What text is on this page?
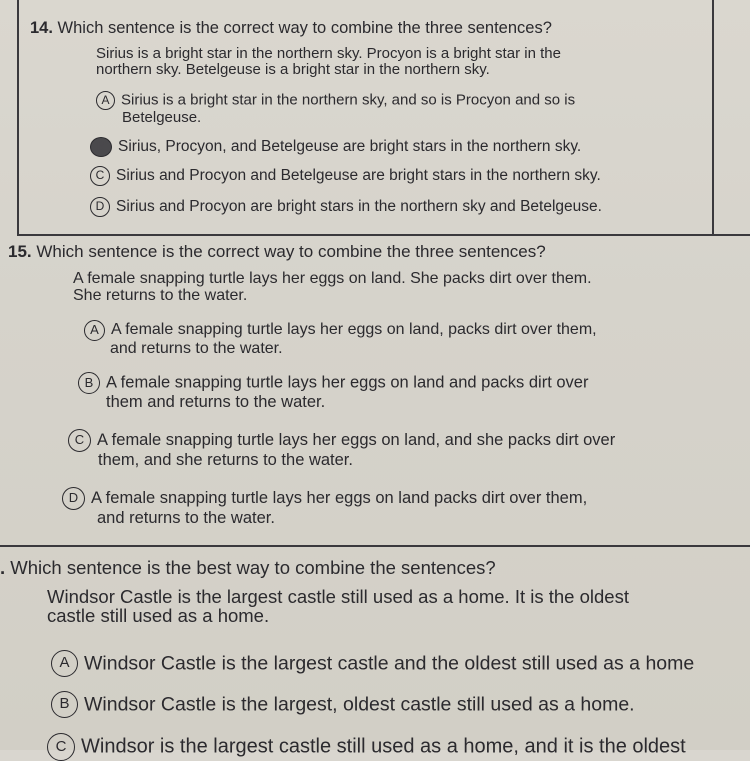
14. Which sentence is the correct way to combine the three sentences?
Sirius is a bright star in the northern sky. Procyon is a bright star in the
northern sky. Betelgeuse is a bright star in the northern sky.
A Sirius is a bright star in the northern sky, and so is Procyon and so is
Betelgeuse.
B Sirius, Procyon, and Betelgeuse are bright stars in the northern sky.
C Sirius and Procyon and Betelgeuse are bright stars in the northern sky.
D Sirius and Procyon are bright stars in the northern sky and Betelgeuse.
15. Which sentence is the correct way to combine the three sentences?
A female snapping turtle lays her eggs on land. She packs dirt over them.
She returns to the water.
A A female snapping turtle lays her eggs on land, packs dirt over them,
and returns to the water.
B A female snapping turtle lays her eggs on land and packs dirt over
them and returns to the water.
C A female snapping turtle lays her eggs on land, and she packs dirt over
them, and she returns to the water.
D A female snapping turtle lays her eggs on land packs dirt over them,
and returns to the water.
. Which sentence is the best way to combine the sentences?
Windsor Castle is the largest castle still used as a home. It is the oldest
castle still used as a home.
A Windsor Castle is the largest castle and the oldest still used as a home
B Windsor Castle is the largest, oldest castle still used as a home.
C Windsor is the largest castle still used as a home, and it is the oldest
